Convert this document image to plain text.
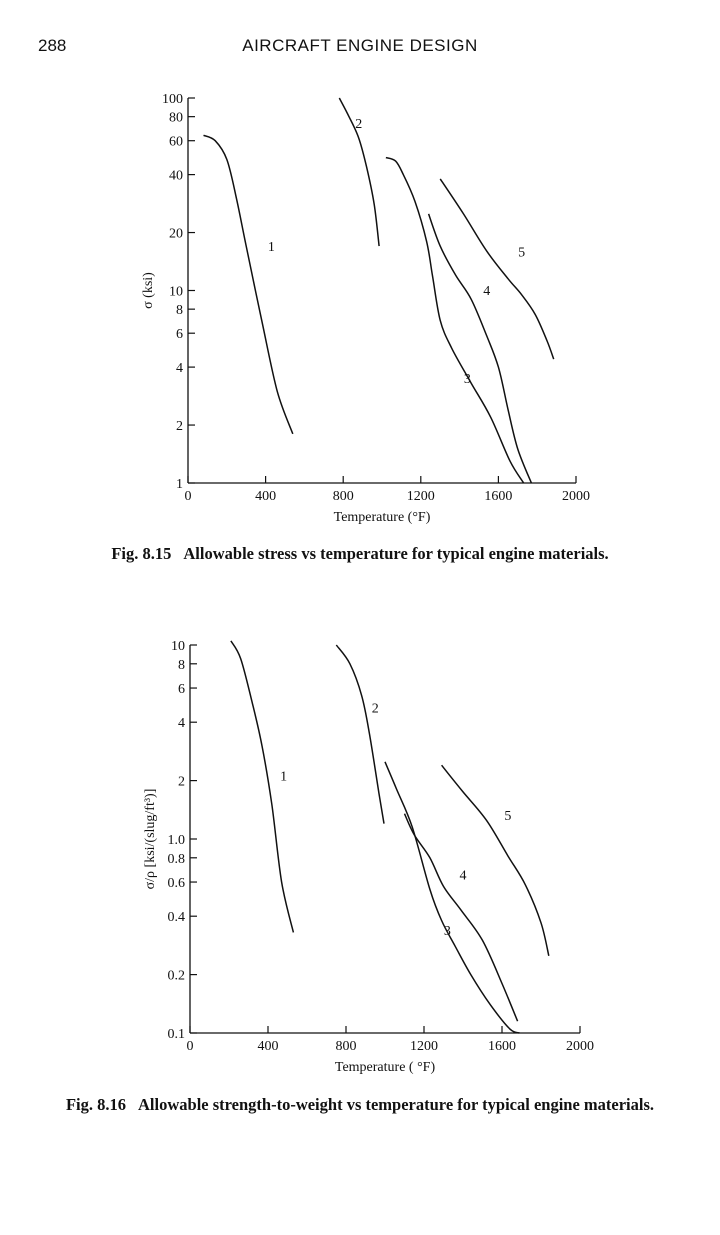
288	AIRCRAFT ENGINE DESIGN
1
2
4
6
8
10
20
40
60
80
100
0	400	800	1200	1600	2000
Temperature (°F)
σ (ksi)
1
2
3
4
5
Fig. 8.15 Allowable stress vs temperature for typical engine materials.
0.1
0.2
0.4
0.6
0.8
1.0
2
4
6
8
10
0	400	800	1200	1600	2000
Temperature ( °F)
σ/ρ [ksi/(slug/ft³)]
1
2
3
4
5
Fig. 8.16 Allowable strength-to-weight vs temperature for typical engine materials.
